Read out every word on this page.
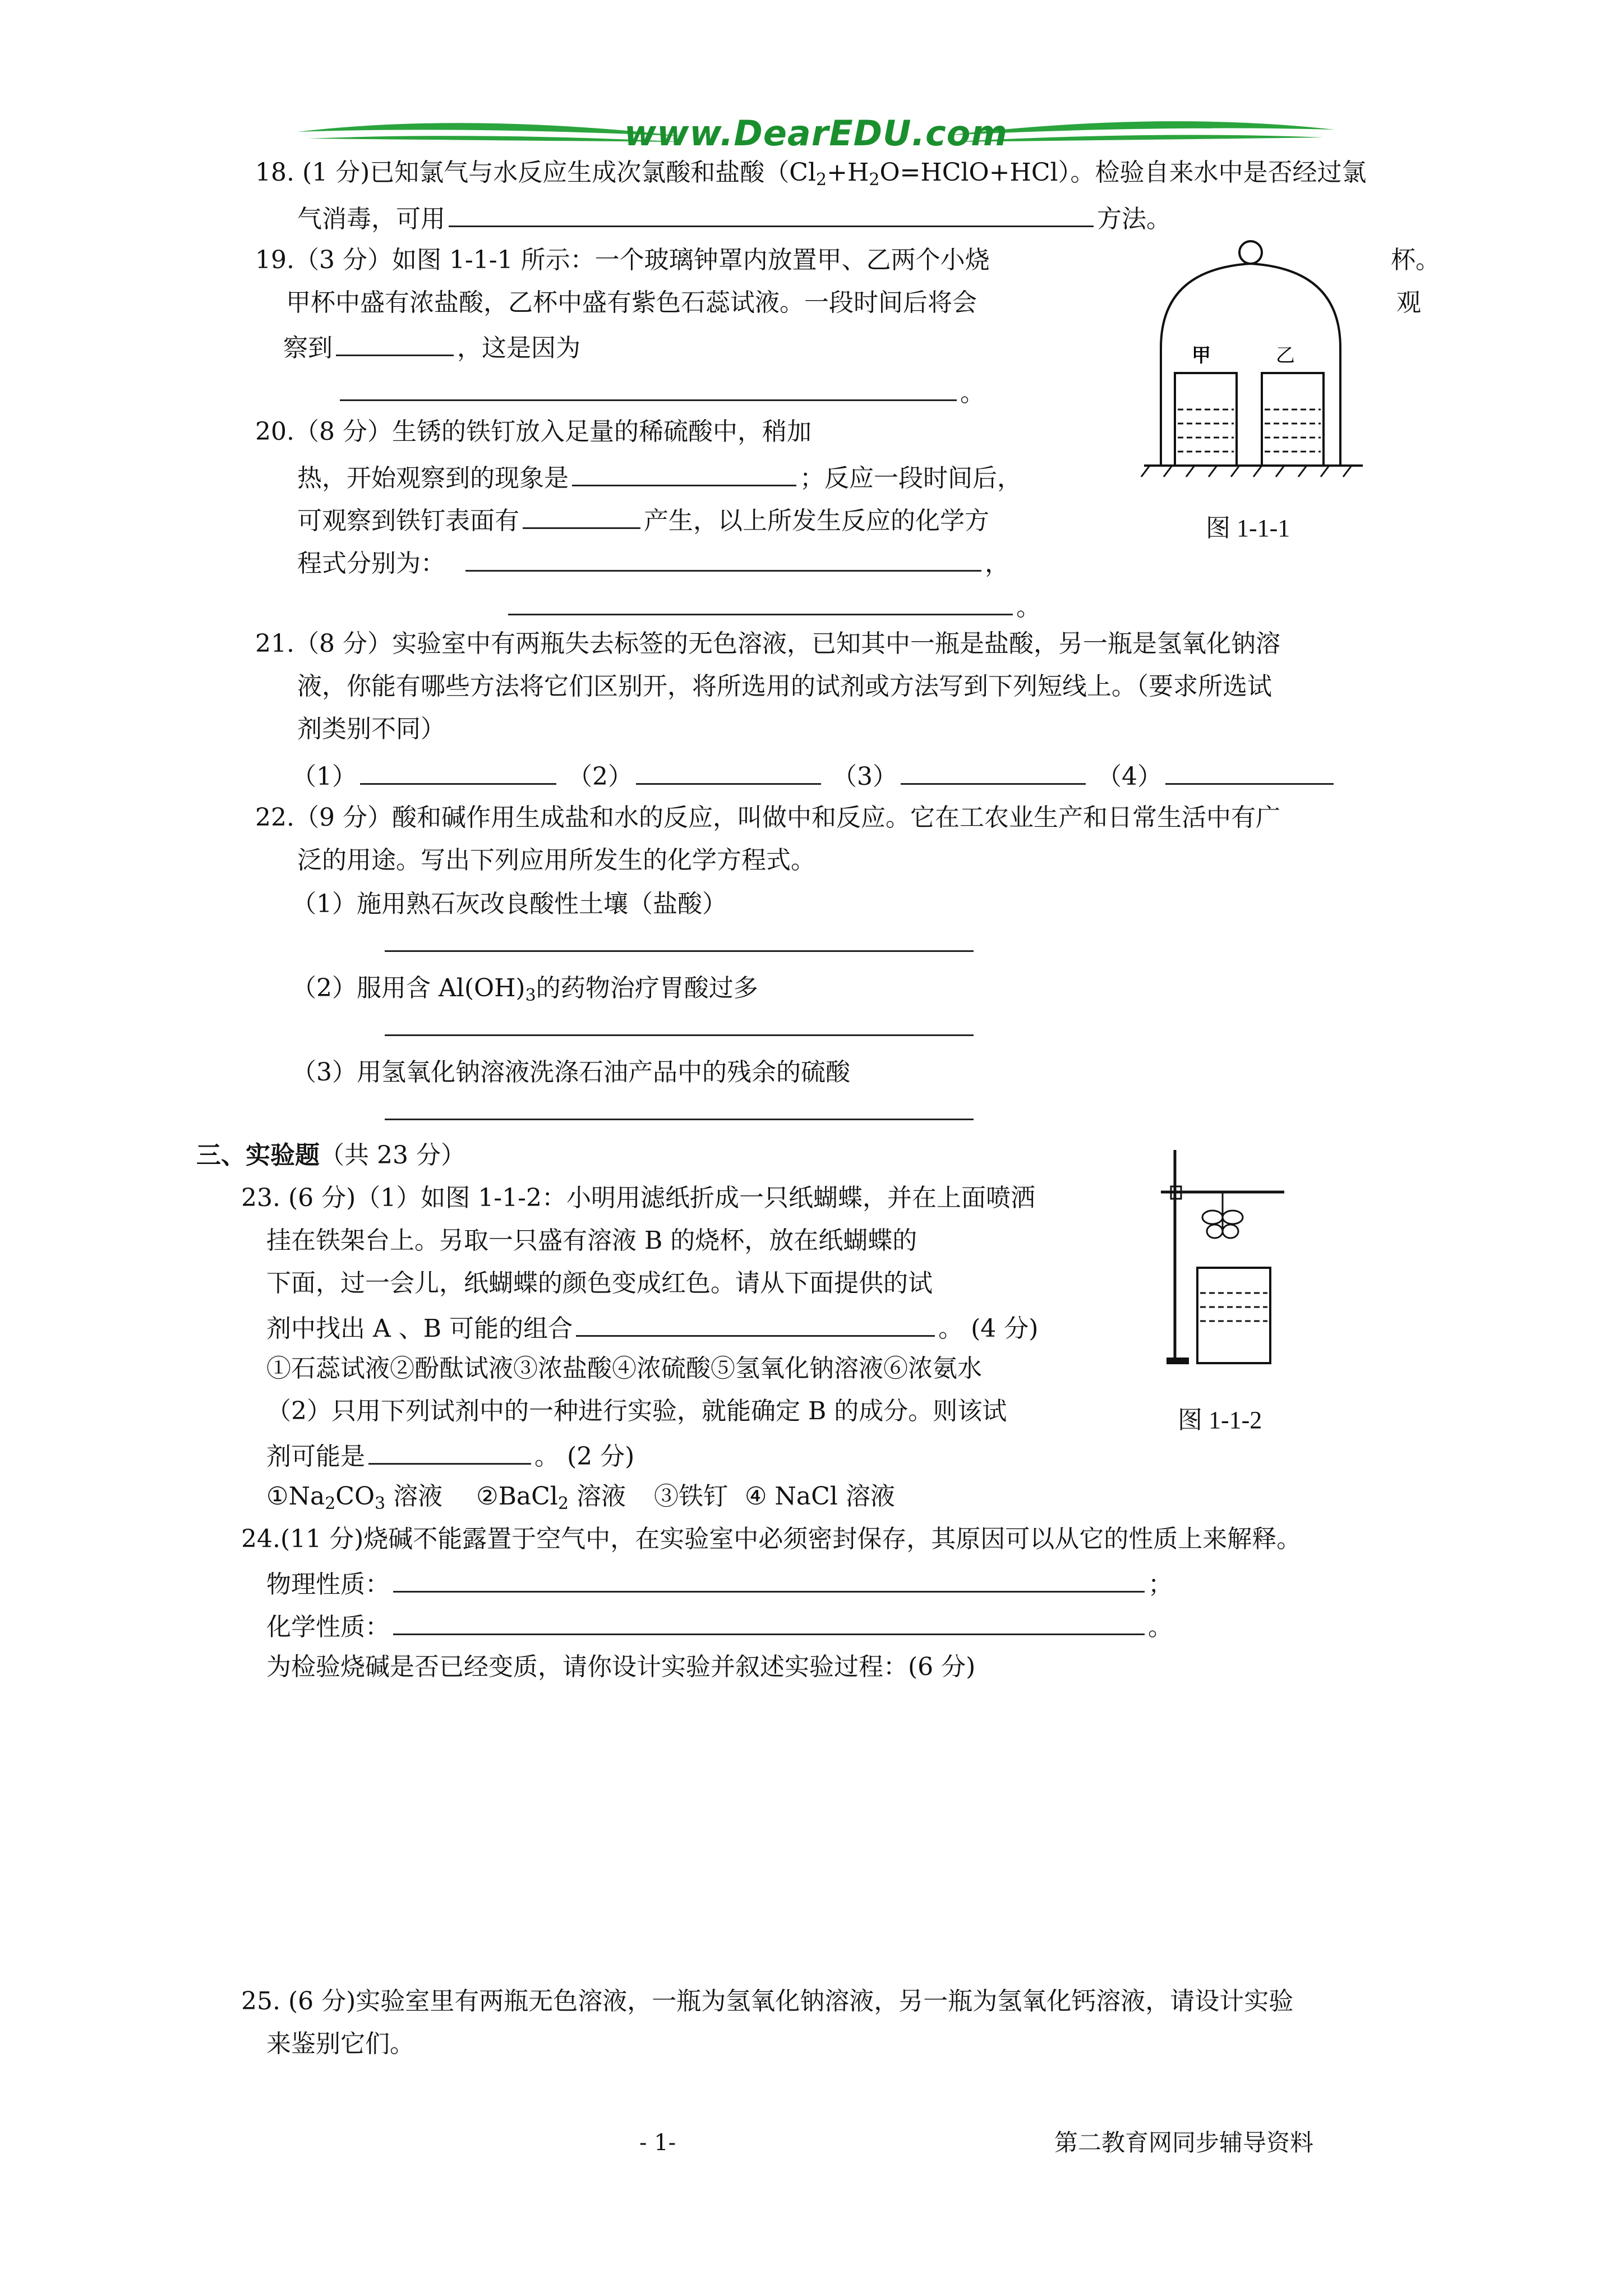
www.DearEDU.com
18. (1 分)已知氯气与水反应生成次氯酸和盐酸$(Cl_2+H_2O=HClO+HCl)$。检验自来水中是否经过氯
气消毒，可用	方法。
19.（3 分）如图 1-1-1 所示：一个玻璃钟罩内放置甲、乙两个小烧	杯。
甲杯中盛有浓盐酸，乙杯中盛有紫色石蕊试液。一段时间后将会	观
察到	，这是因为
。
甲	乙
图 1-1-1
20.（8 分）生锈的铁钉放入足量的稀硫酸中，稍加
热，开始观察到的现象是	；反应一段时间后，
可观察到铁钉表面有	产生，以上所发生反应的化学方
程式分别为：	，
。
21.（8 分）实验室中有两瓶失去标签的无色溶液，已知其中一瓶是盐酸，另一瓶是氢氧化钠溶
液，你能有哪些方法将它们区别开，将所选用的试剂或方法写到下列短线上。（要求所选试
剂类别不同）
（1）	（2）	（3）	（4）
22.（9 分）酸和碱作用生成盐和水的反应，叫做中和反应。它在工农业生产和日常生活中有广
泛的用途。写出下列应用所发生的化学方程式。
（1）施用熟石灰改良酸性土壤（盐酸）
（2）服用含 $Al(OH)_3$的药物治疗胃酸过多
（3）用氢氧化钠溶液洗涤石油产品中的残余的硫酸
三、实验题（共 23 分）
23. (6 分)（1）如图 1-1-2：小明用滤纸折成一只纸蝴蝶，并在上面喷洒
挂在铁架台上。另取一只盛有溶液 B 的烧杯，放在纸蝴蝶的
下面，过一会儿，纸蝴蝶的颜色变成红色。请从下面提供的试
剂中找出 A 、B 可能的组合	。 (4 分)
①石蕊试液②酚酞试液③浓盐酸④浓硫酸⑤氢氧化钠溶液⑥浓氨水
（2）只用下列试剂中的一种进行实验，就能确定 B 的成分。则该试
剂可能是	。 (2 分)
$①Na_2CO_3$ 溶液 ②BaCl$_2$ 溶液 ③铁钉 ④ NaCl 溶液
图 1-1-2
24.(11 分)烧碱不能露置于空气中，在实验室中必须密封保存，其原因可以从它的性质上来解释。
物理性质：	；
化学性质：	。
为检验烧碱是否已经变质，请你设计实验并叙述实验过程：(6 分)
25. (6 分)实验室里有两瓶无色溶液，一瓶为氢氧化钠溶液，另一瓶为氢氧化钙溶液，请设计实验
来鉴别它们。
- 1-	第二教育网同步辅导资料
